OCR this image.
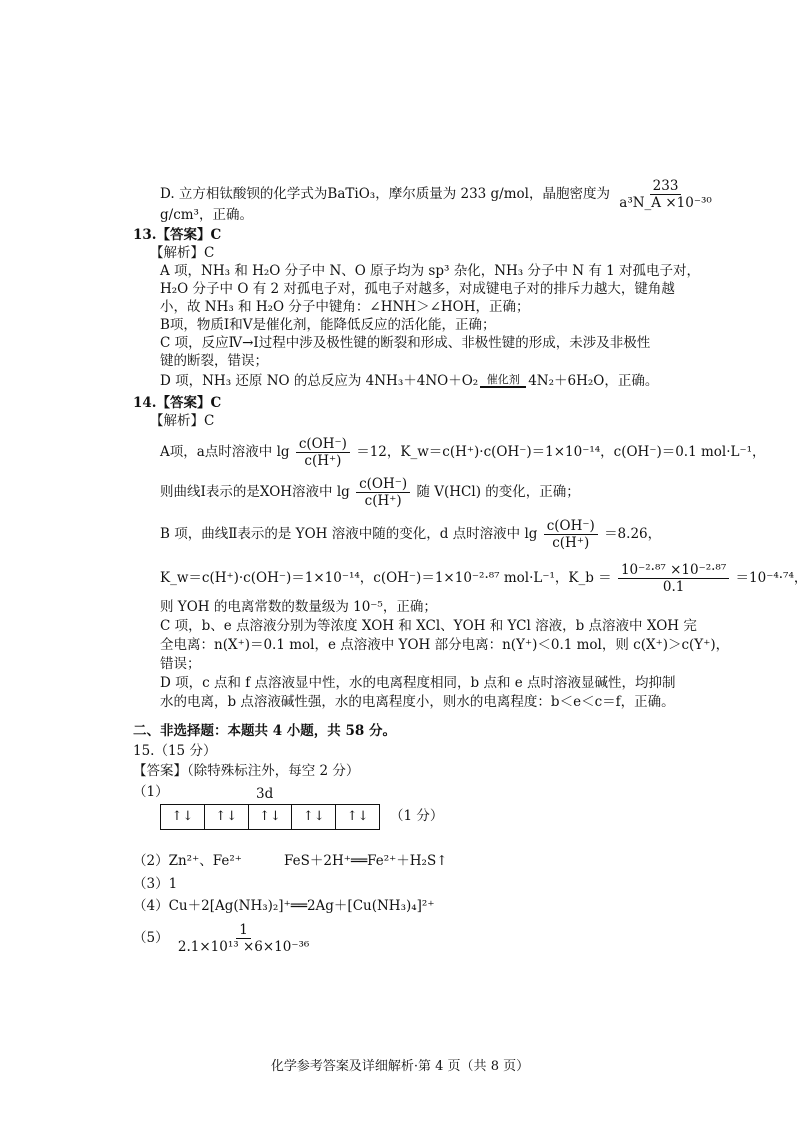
D. 立方相钛酸钡的化学式为BaTiO₃，摩尔质量为 233 g/mol，晶胞密度为 $\frac{233}{\text{a³N\_A ×10⁻³⁰}}$
g/cm³，正确。
13.【答案】C
【解析】C
A 项，NH₃ 和 H₂O 分子中 N、O 原子均为 sp³ 杂化，NH₃ 分子中 N 有 1 对孤电子对，
H₂O 分子中 O 有 2 对孤电子对，孤电子对越多，对成键电子对的排斥力越大，键角越
小，故 NH₃ 和 H₂O 分子中键角：∠HNH＞∠HOH，正确；
B项，物质Ⅰ和Ⅴ是催化剂，能降低反应的活化能，正确；
C 项，反应Ⅳ→Ⅰ过程中涉及极性键的断裂和形成、非极性键的形成，未涉及非极性
键的断裂，错误；
D 项，NH₃ 还原 NO 的总反应为 4NH₃＋4NO＋O₂ 催化剂 4N₂＋6H₂O，正确。
14.【答案】C
【解析】C
A项，a点时溶液中 $\lg \frac{c(OH^-)}{c(H^+)} =12$，K_w＝c(H⁺)·c(OH⁻)＝1×10⁻¹⁴，c(OH⁻)＝0.1 mol·L⁻¹，
则曲线Ⅰ表示的是XOH溶液中 $\lg \frac{c(OH^-)}{c(H^+)}$ 随 V(HCl) 的变化，正确；
B 项，曲线Ⅱ表示的是 YOH 溶液中随的变化，d 点时溶液中 $\lg \frac{c(OH^-)}{c(H^+)} =8.26$，
K_w＝c(H⁺)·c(OH⁻)＝1×10⁻¹⁴，c(OH⁻)＝1×10⁻²·⁸⁷ mol·L⁻¹，K_b ＝ $\frac{\text{10⁻²·⁸⁷ ×10⁻²·⁸⁷}}{0.1} =10^{-4}\cdot^{74}$，
则 YOH 的电离常数的数量级为 10⁻⁵，正确；
C 项，b、e 点溶液分别为等浓度 XOH 和 XCl、YOH 和 YCl 溶液，b 点溶液中 XOH 完
全电离：n(X⁺)＝0.1 mol，e 点溶液中 YOH 部分电离：n(Y⁺)＜0.1 mol，则 c(X⁺)＞c(Y⁺)，
错误；
D 项，c 点和 f 点溶液显中性，水的电离程度相同，b 点和 e 点时溶液显碱性，均抑制
水的电离，b 点溶液碱性强，水的电离程度小，则水的电离程度：b＜e＜c＝f，正确。
二、非选择题：本题共 4 小题，共 58 分。
15.（15 分）
【答案】（除特殊标注外，每空 2 分）
（1）	3d
↑↓	↑↓	↑↓	↑↓	↑↓	（1 分）
（2）Zn²⁺、Fe²⁺	FeS＋2H⁺══Fe²⁺＋H₂S↑
（3）1
（4）Cu＋2[Ag(NH₃)₂]⁺══2Ag＋[Cu(NH₃)₄]²⁺
$(5) \frac{1}{\text{2.1×10¹³ ×6×10⁻³⁶}}$
化学参考答案及详细解析·第 4 页（共 8 页）
